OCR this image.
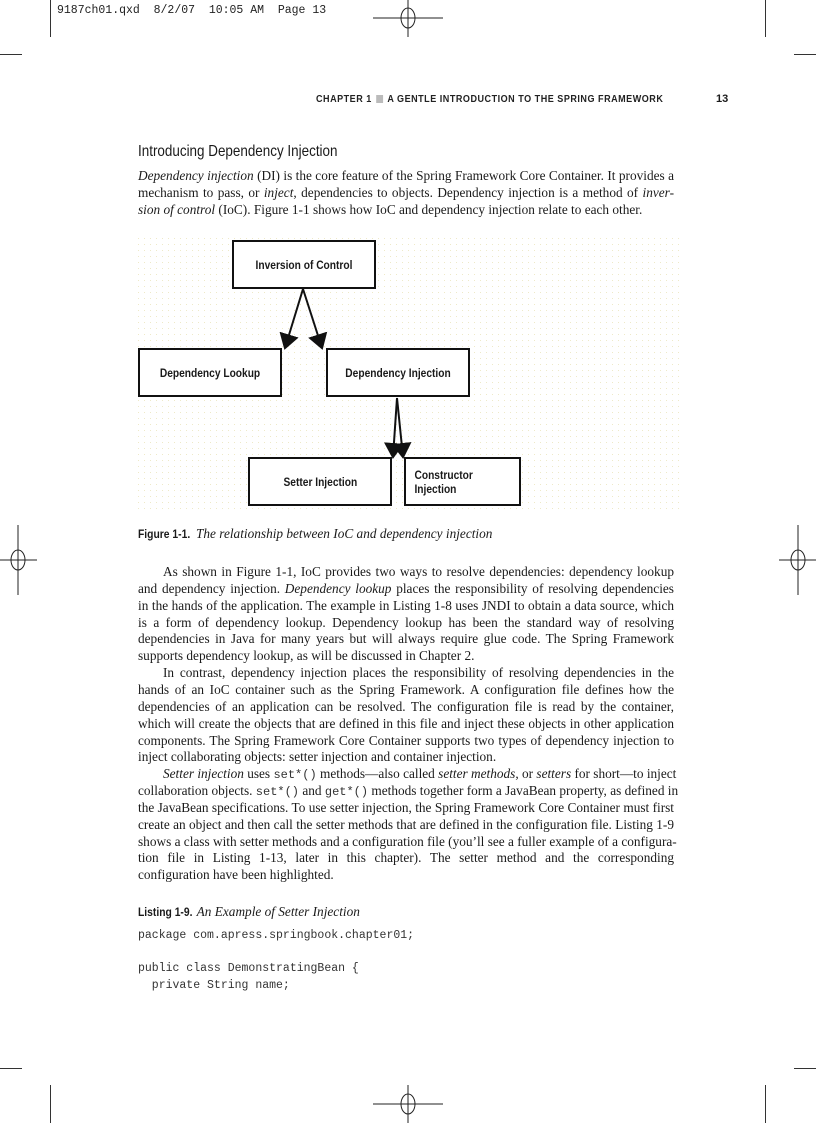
9187ch01.qxd  8/2/07  10:05 AM  Page 13
CHAPTER 1 A GENTLE INTRODUCTION TO THE SPRING FRAMEWORK	13
Introducing Dependency Injection
Dependency injection (DI) is the core feature of the Spring Framework Core Container. It provides a
mechanism to pass, or inject, dependencies to objects. Dependency injection is a method of inver-
sion of control (IoC). Figure 1-1 shows how IoC and dependency injection relate to each other.
Inversion of Control
Dependency Lookup	Dependency Injection
Setter Injection	Constructor Injection
Figure 1-1. The relationship between IoC and dependency injection
As shown in Figure 1-1, IoC provides two ways to resolve dependencies: dependency lookup
and dependency injection. Dependency lookup places the responsibility of resolving dependencies
in the hands of the application. The example in Listing 1-8 uses JNDI to obtain a data source, which
is a form of dependency lookup. Dependency lookup has been the standard way of resolving
dependencies in Java for many years but will always require glue code. The Spring Framework
supports dependency lookup, as will be discussed in Chapter 2.
In contrast, dependency injection places the responsibility of resolving dependencies in the
hands of an IoC container such as the Spring Framework. A configuration file defines how the
dependencies of an application can be resolved. The configuration file is read by the container,
which will create the objects that are defined in this file and inject these objects in other application
components. The Spring Framework Core Container supports two types of dependency injection to
inject collaborating objects: setter injection and container injection.
Setter injection uses set*() methods—also called setter methods, or setters for short—to inject
collaboration objects. set*() and get*() methods together form a JavaBean property, as defined in
the JavaBean specifications. To use setter injection, the Spring Framework Core Container must first
create an object and then call the setter methods that are defined in the configuration file. Listing 1-9
shows a class with setter methods and a configuration file (you’ll see a fuller example of a configura-
tion file in Listing 1-13, later in this chapter). The setter method and the corresponding
configuration have been highlighted.
Listing 1-9. An Example of Setter Injection
package com.apress.springbook.chapter01;
public class DemonstratingBean {
private String name;
